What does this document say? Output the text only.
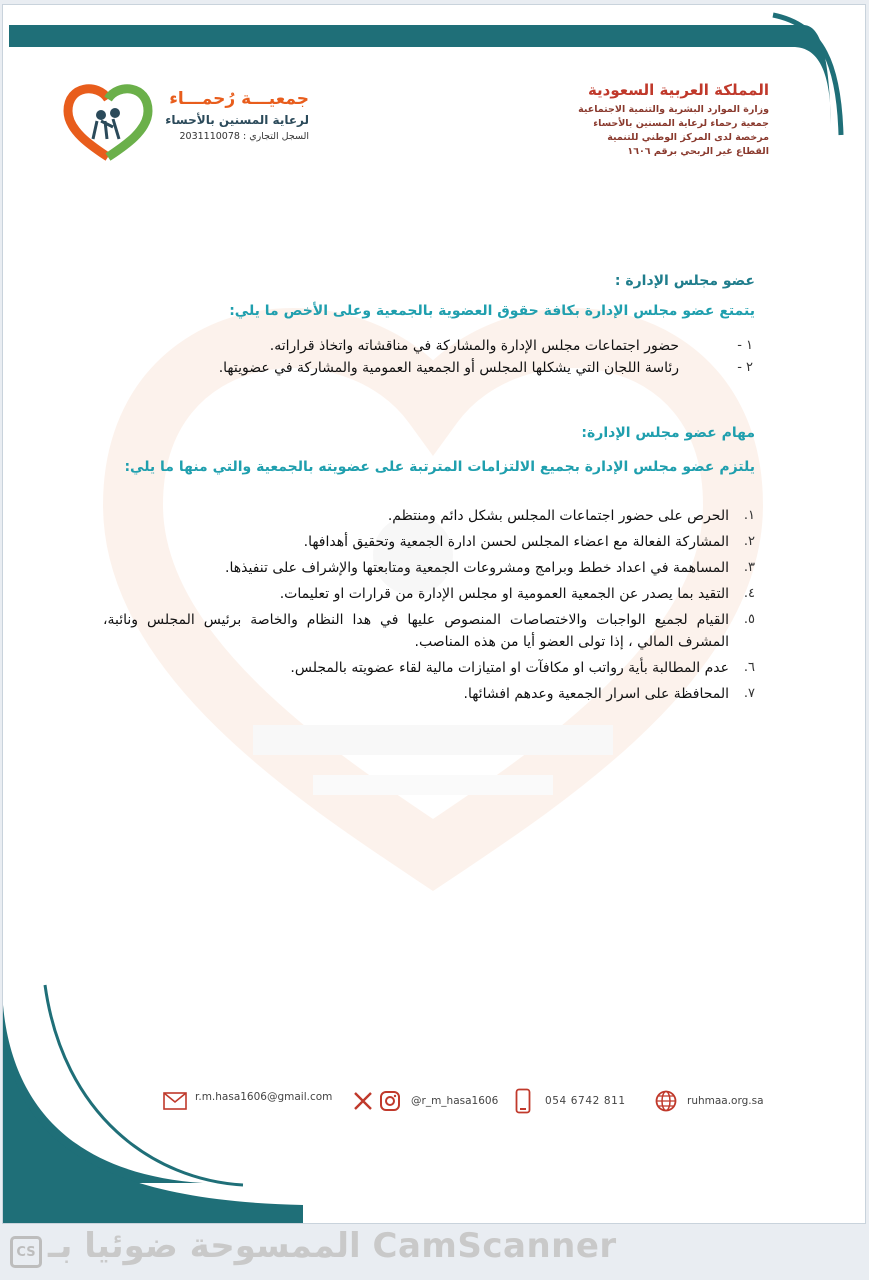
المملكة العربية السعودية
وزارة الموارد البشرية والتنمية الاجتماعية
جمعية رحماء لرعاية المسنين بالأحساء
مرخصة لدى المركز الوطني للتنمية
القطاع غير الربحي برقم ١٦٠٦
جمعيـــة رُحمـــاء
لرعاية المسنين بالأحساء
السجل التجاري : 2031110078
عضو مجلس الإدارة :
يتمتع عضو مجلس الإدارة بكافة حقوق العضوية بالجمعية وعلى الأخص ما يلي:
١ -
حضور اجتماعات مجلس الإدارة والمشاركة في مناقشاته واتخاذ قراراته.
٢ -
رئاسة اللجان التي يشكلها المجلس أو الجمعية العمومية والمشاركة في عضويتها.
مهام عضو مجلس الإدارة:
يلتزم عضو مجلس الإدارة بجميع الالتزامات المترتبة على عضويته بالجمعية والتي منها ما يلي:
١.
الحرص على حضور اجتماعات المجلس بشكل دائم ومنتظم.
٢.
المشاركة الفعالة مع اعضاء المجلس لحسن ادارة الجمعية وتحقيق أهدافها.
٣.
المساهمة في اعداد خطط وبرامج ومشروعات الجمعية ومتابعتها والإشراف على تنفيذها.
٤.
التقيد بما يصدر عن الجمعية العمومية او مجلس الإدارة من قرارات او تعليمات.
٥.
القيام لجميع الواجبات والاختصاصات المنصوص عليها في هدا النظام والخاصة برئيس المجلس ونائبة، المشرف المالي ، إذا تولى العضو أيا من هذه المناصب.
٦.
عدم المطالبة بأية رواتب او مكافآت او امتيازات مالية لقاء عضويته بالمجلس.
٧.
المحافظة على اسرار الجمعية وعدهم افشائها.
r.m.hasa1606@gmail.com	@r_m_hasa1606	054 6742 811	ruhmaa.org.sa
CS الممسوحة ضوئيا بـ CamScanner
